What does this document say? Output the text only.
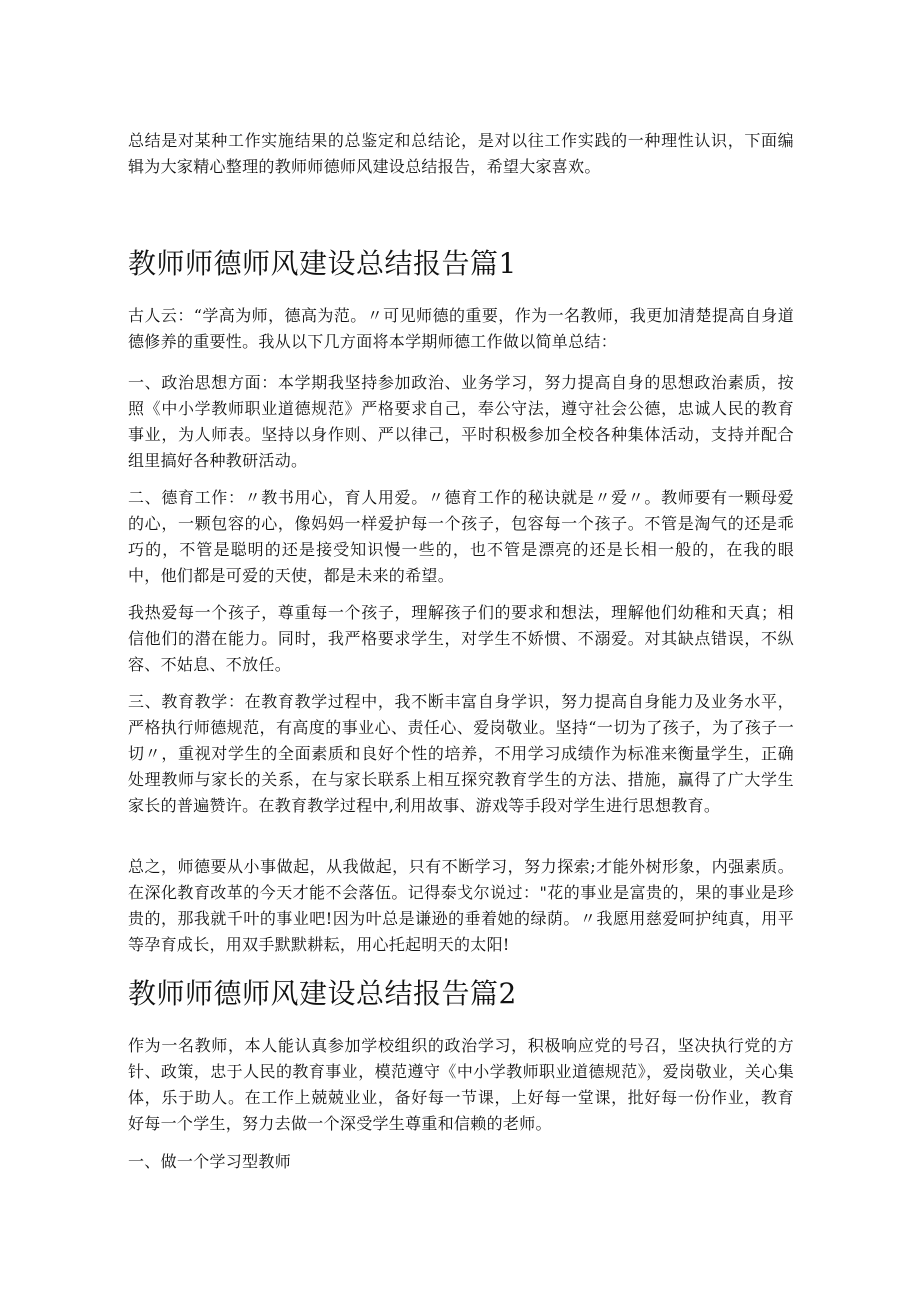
总结是对某种工作实施结果的总鉴定和总结论，是对以往工作实践的一种理性认识，下面编辑为大家精心整理的教师师德师风建设总结报告，希望大家喜欢。

教师师德师风建设总结报告篇1

古人云：“学高为师，德高为范。〃可见师德的重要，作为一名教师，我更加清楚提高自身道德修养的重要性。我从以下几方面将本学期师德工作做以简单总结：

一、政治思想方面：本学期我坚持参加政治、业务学习，努力提高自身的思想政治素质，按照《中小学教师职业道德规范》严格要求自己，奉公守法，遵守社会公德，忠诚人民的教育事业，为人师表。坚持以身作则、严以律己，平时积极参加全校各种集体活动，支持并配合组里搞好各种教研活动。

二、德育工作：〃教书用心，育人用爱。〃德育工作的秘诀就是〃爱〃。教师要有一颗母爱的心，一颗包容的心，像妈妈一样爱护每一个孩子，包容每一个孩子。不管是淘气的还是乖巧的，不管是聪明的还是接受知识慢一些的，也不管是漂亮的还是长相一般的，在我的眼中，他们都是可爱的天使，都是未来的希望。

我热爱每一个孩子，尊重每一个孩子，理解孩子们的要求和想法，理解他们幼稚和天真；相信他们的潜在能力。同时，我严格要求学生，对学生不娇惯、不溺爱。对其缺点错误，不纵容、不姑息、不放任。

三、教育教学：在教育教学过程中，我不断丰富自身学识，努力提高自身能力及业务水平，严格执行师德规范，有高度的事业心、责任心、爱岗敬业。坚持“一切为了孩子，为了孩子一切〃，重视对学生的全面素质和良好个性的培养，不用学习成绩作为标准来衡量学生，正确处理教师与家长的关系，在与家长联系上相互探究教育学生的方法、措施，赢得了广大学生家长的普遍赞许。在教育教学过程中,利用故事、游戏等手段对学生进行思想教育。

总之，师德要从小事做起，从我做起，只有不断学习，努力探索;才能外树形象，内强素质。在深化教育改革的今天才能不会落伍。记得泰戈尔说过："花的事业是富贵的，果的事业是珍贵的，那我就千叶的事业吧!因为叶总是谦逊的垂着她的绿荫。〃我愿用慈爱呵护纯真，用平等孕育成长，用双手默默耕耘，用心托起明天的太阳!

教师师德师风建设总结报告篇2

作为一名教师，本人能认真参加学校组织的政治学习，积极响应党的号召，坚决执行党的方针、政策，忠于人民的教育事业，模范遵守《中小学教师职业道德规范》，爱岗敬业，关心集体，乐于助人。在工作上兢兢业业，备好每一节课，上好每一堂课，批好每一份作业，教育好每一个学生，努力去做一个深受学生尊重和信赖的老师。

一、做一个学习型教师
